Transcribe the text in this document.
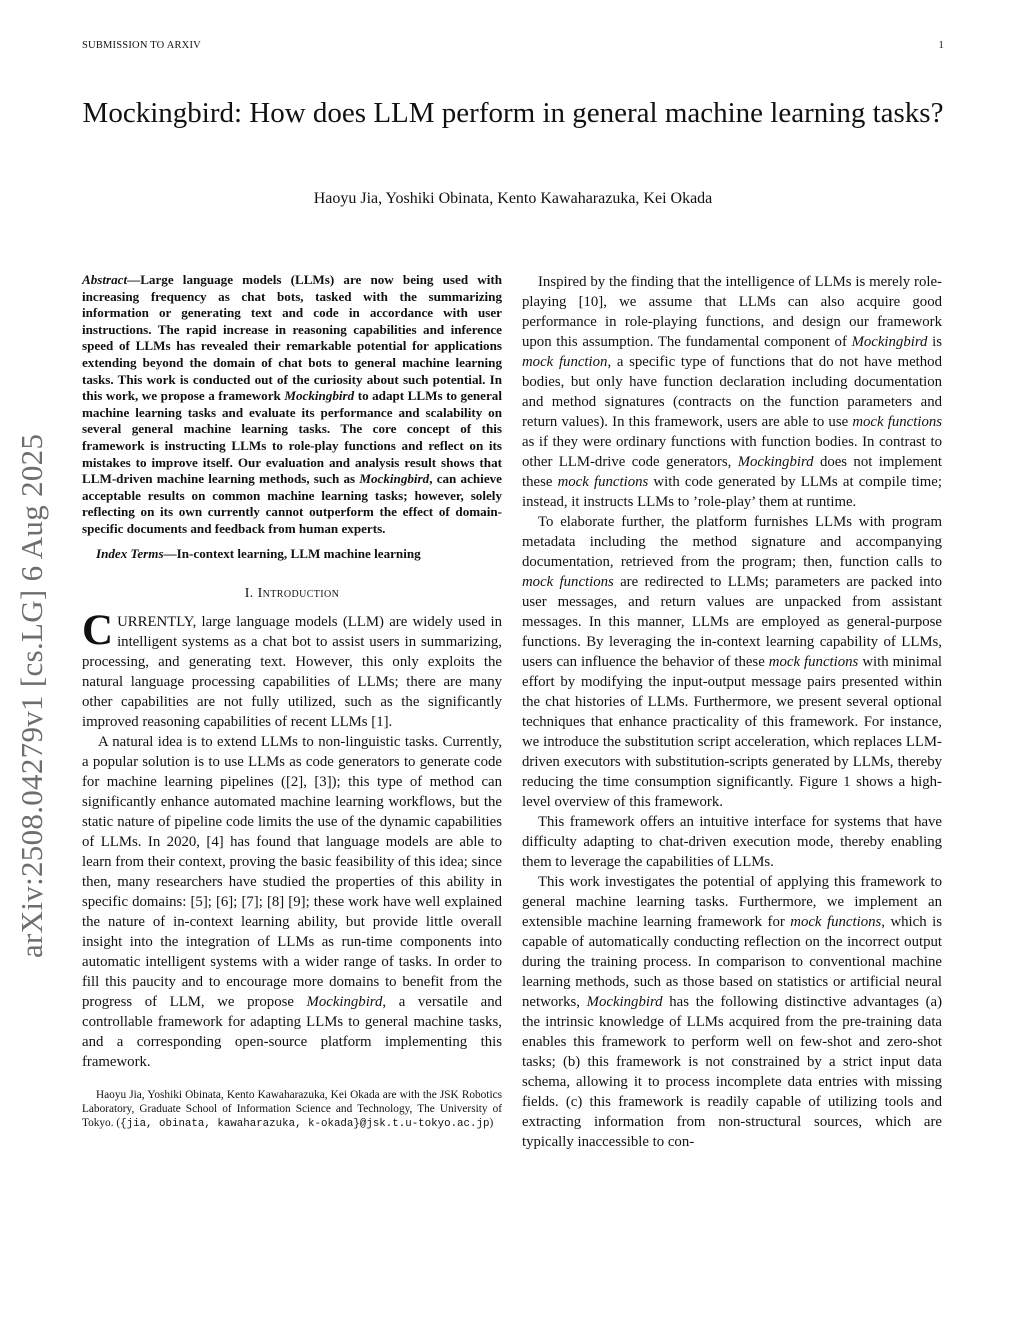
SUBMISSION TO ARXIV	1
arXiv:2508.04279v1 [cs.LG] 6 Aug 2025
Mockingbird: How does LLM perform in general machine learning tasks?
Haoyu Jia, Yoshiki Obinata, Kento Kawaharazuka, Kei Okada

Abstract—Large language models (LLMs) are now being used with increasing frequency as chat bots, tasked with the summarizing information or generating text and code in accordance with user instructions. The rapid increase in reasoning capabilities and inference speed of LLMs has revealed their remarkable potential for applications extending beyond the domain of chat bots to general machine learning tasks. This work is conducted out of the curiosity about such potential. In this work, we propose a framework Mockingbird to adapt LLMs to general machine learning tasks and evaluate its performance and scalability on several general machine learning tasks. The core concept of this framework is instructing LLMs to role-play functions and reflect on its mistakes to improve itself. Our evaluation and analysis result shows that LLM-driven machine learning methods, such as Mockingbird, can achieve acceptable results on common machine learning tasks; however, solely reflecting on its own currently cannot outperform the effect of domain-specific documents and feedback from human experts.

Index Terms—In-context learning, LLM machine learning

I. Introduction

CURRENTLY, large language models (LLM) are widely used in intelligent systems as a chat bot to assist users in summarizing, processing, and generating text. However, this only exploits the natural language processing capabilities of LLMs; there are many other capabilities are not fully utilized, such as the significantly improved reasoning capabilities of recent LLMs [1].

A natural idea is to extend LLMs to non-linguistic tasks. Currently, a popular solution is to use LLMs as code generators to generate code for machine learning pipelines ([2], [3]); this type of method can significantly enhance automated machine learning workflows, but the static nature of pipeline code limits the use of the dynamic capabilities of LLMs. In 2020, [4] has found that language models are able to learn from their context, proving the basic feasibility of this idea; since then, many researchers have studied the properties of this ability in specific domains: [5]; [6]; [7]; [8] [9]; these work have well explained the nature of in-context learning ability, but provide little overall insight into the integration of LLMs as run-time components into automatic intelligent systems with a wider range of tasks. In order to fill this paucity and to encourage more domains to benefit from the progress of LLM, we propose Mockingbird, a versatile and controllable framework for adapting LLMs to general machine tasks, and a corresponding open-source platform implementing this framework.

Haoyu Jia, Yoshiki Obinata, Kento Kawaharazuka, Kei Okada are with the JSK Robotics Laboratory, Graduate School of Information Science and Technology, The University of Tokyo. ({jia, obinata, kawaharazuka, k-okada}@jsk.t.u-tokyo.ac.jp)

Inspired by the finding that the intelligence of LLMs is merely role-playing [10], we assume that LLMs can also acquire good performance in role-playing functions, and design our framework upon this assumption. The fundamental component of Mockingbird is mock function, a specific type of functions that do not have method bodies, but only have function declaration including documentation and method signatures (contracts on the function parameters and return values). In this framework, users are able to use mock functions as if they were ordinary functions with function bodies. In contrast to other LLM-drive code generators, Mockingbird does not implement these mock functions with code generated by LLMs at compile time; instead, it instructs LLMs to ’role-play’ them at runtime.

To elaborate further, the platform furnishes LLMs with program metadata including the method signature and accompanying documentation, retrieved from the program; then, function calls to mock functions are redirected to LLMs; parameters are packed into user messages, and return values are unpacked from assistant messages. In this manner, LLMs are employed as general-purpose functions. By leveraging the in-context learning capability of LLMs, users can influence the behavior of these mock functions with minimal effort by modifying the input-output message pairs presented within the chat histories of LLMs. Furthermore, we present several optional techniques that enhance practicality of this framework. For instance, we introduce the substitution script acceleration, which replaces LLM-driven executors with substitution-scripts generated by LLMs, thereby reducing the time consumption significantly. Figure 1 shows a high-level overview of this framework.

This framework offers an intuitive interface for systems that have difficulty adapting to chat-driven execution mode, thereby enabling them to leverage the capabilities of LLMs.

This work investigates the potential of applying this framework to general machine learning tasks. Furthermore, we implement an extensible machine learning framework for mock functions, which is capable of automatically conducting reflection on the incorrect output during the training process. In comparison to conventional machine learning methods, such as those based on statistics or artificial neural networks, Mockingbird has the following distinctive advantages (a) the intrinsic knowledge of LLMs acquired from the pre-training data enables this framework to perform well on few-shot and zero-shot tasks; (b) this framework is not constrained by a strict input data schema, allowing it to process incomplete data entries with missing fields. (c) this framework is readily capable of utilizing tools and extracting information from non-structural sources, which are typically inaccessible to con-
